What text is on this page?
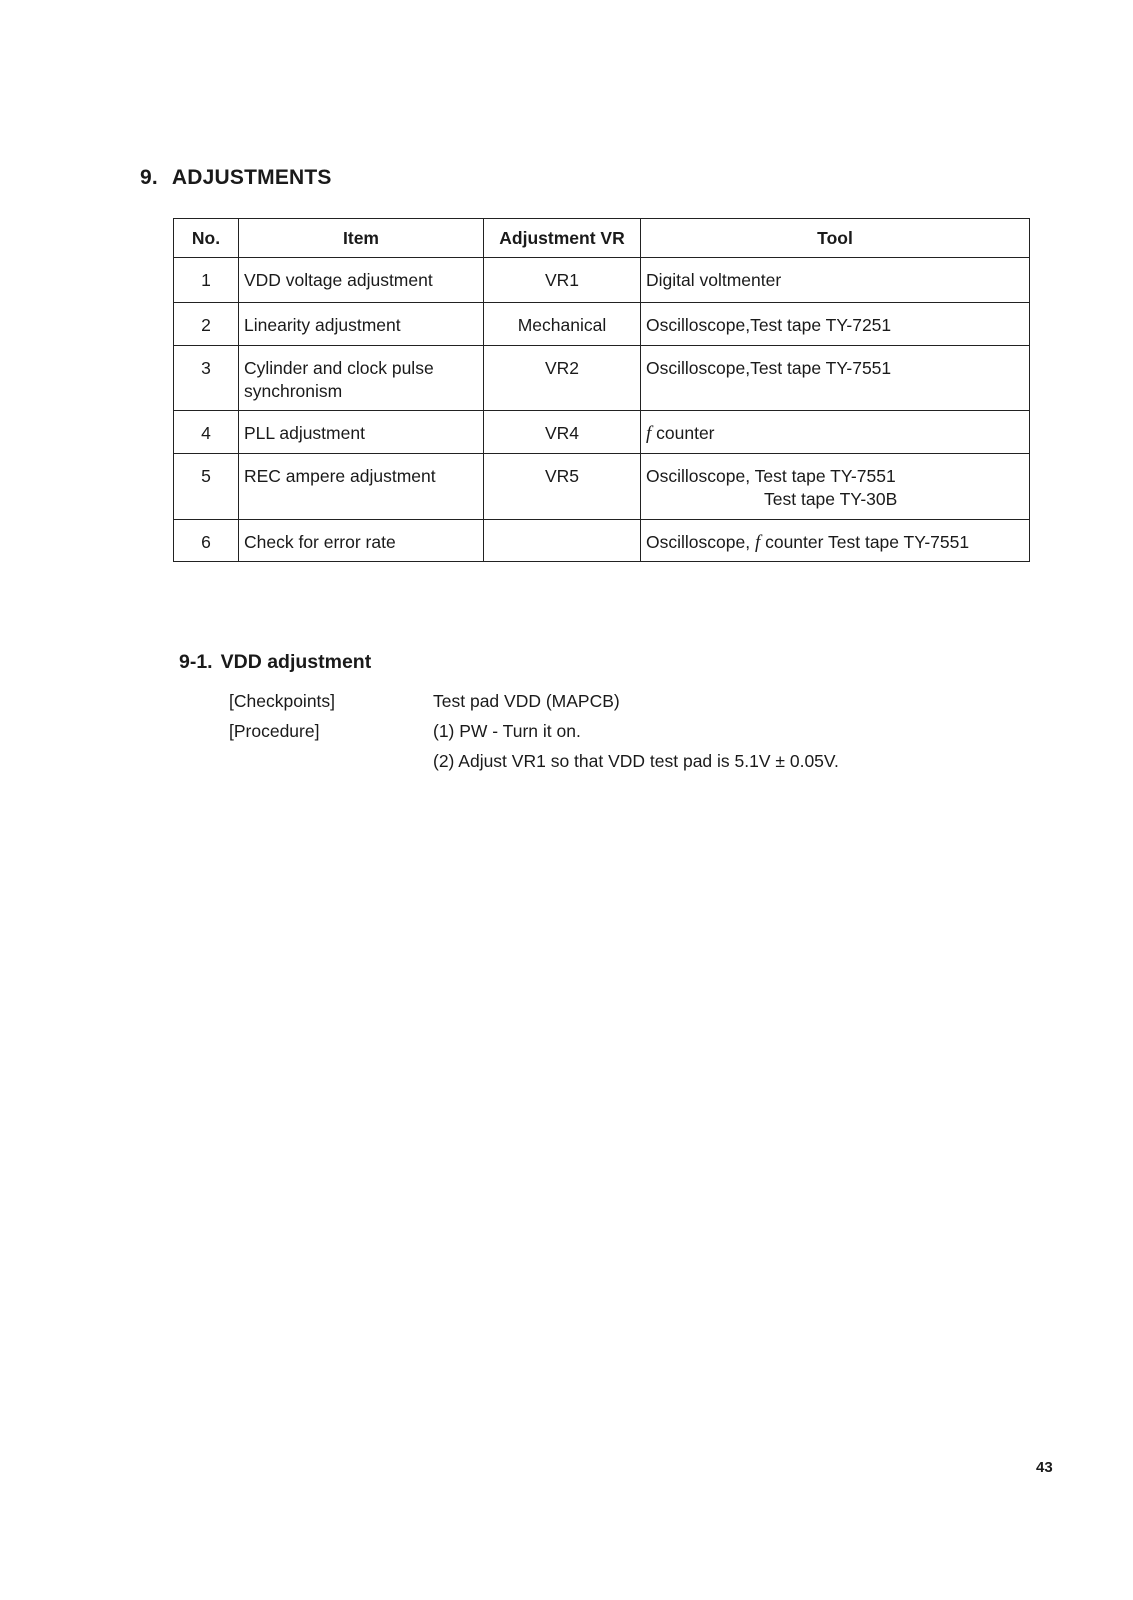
9. ADJUSTMENTS
No.	Item	Adjustment VR	Tool

1	VDD voltage adjustment	VR1	Digital voltmenter

2	Linearity adjustment	Mechanical	Oscilloscope,Test tape TY-7251

3	Cylinder and clock pulse
synchronism	VR2	Oscilloscope,Test tape TY-7551

4	PLL adjustment	VR4	f counter

5	REC ampere adjustment	VR5	Oscilloscope, Test tape TY-7551
Test tape TY-30B

6	Check for error rate		Oscilloscope, f counter Test tape TY-7551
9-1. VDD adjustment
[Checkpoints]	Test pad VDD (MAPCB)
[Procedure]	(1) PW - Turn it on.
(2) Adjust VR1 so that VDD test pad is 5.1V ± 0.05V.
43
